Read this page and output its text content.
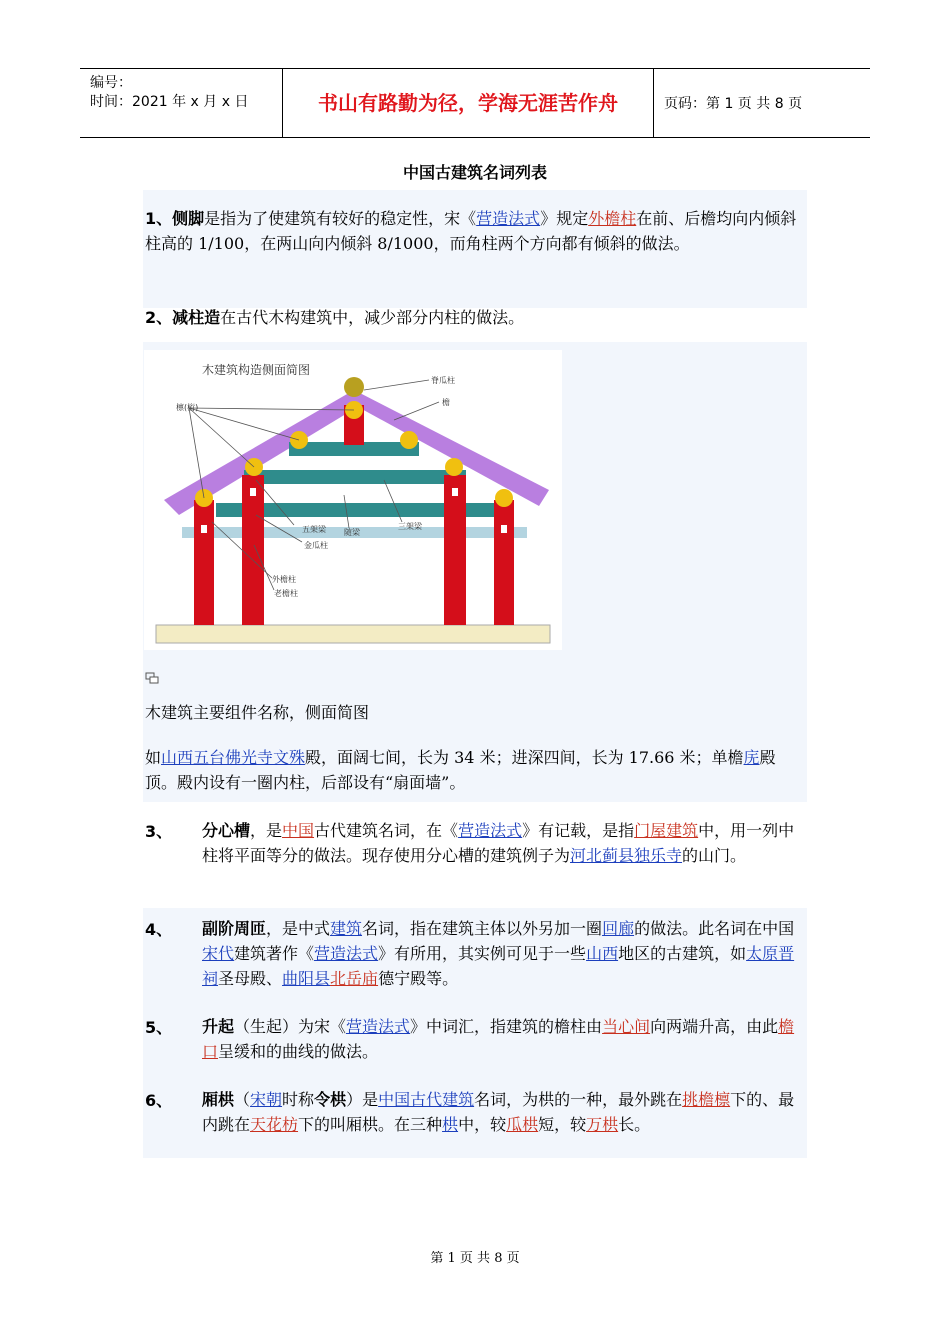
编号：
时间：2021 年 x 月 x 日	书山有路勤为径，学海无涯苦作舟	页码：第 1 页 共 8 页
中国古建筑名词列表
1、侧脚是指为了使建筑有较好的稳定性，宋《营造法式》规定外檐柱在前、后檐均向内倾斜柱高的 1/100，在两山向内倾斜 8/1000，而角柱两个方向都有倾斜的做法。
2、减柱造在古代木构建筑中，减少部分内柱的做法。
木建筑构造侧面简图
檩(桁)
脊瓜柱
檐
五架梁	三架梁
金瓜柱
随梁
外檐柱
老檐柱
木建筑主要组件名称，侧面简图
如山西五台佛光寺文殊殿，面阔七间，长为 34 米；进深四间，长为 17.66 米；单檐庑殿顶。殿内设有一圈内柱，后部设有“扇面墙”。
3、 分心槽，是中国古代建筑名词，在《营造法式》有记载，是指门屋建筑中，用一列中柱将平面等分的做法。现存使用分心槽的建筑例子为河北蓟县独乐寺的山门。
4、 副阶周匝，是中式建筑名词，指在建筑主体以外另加一圈回廊的做法。此名词在中国宋代建筑著作《营造法式》有所用，其实例可见于一些山西地区的古建筑，如太原晋祠圣母殿、曲阳县北岳庙德宁殿等。
5、 升起（生起）为宋《营造法式》中词汇，指建筑的檐柱由当心间向两端升高，由此檐口呈缓和的曲线的做法。
6、 厢栱（宋朝时称令栱）是中国古代建筑名词，为栱的一种，最外跳在挑檐檩下的、最内跳在天花枋下的叫厢栱。在三种栱中，较瓜栱短，较万栱长。
第 1 页 共 8 页
